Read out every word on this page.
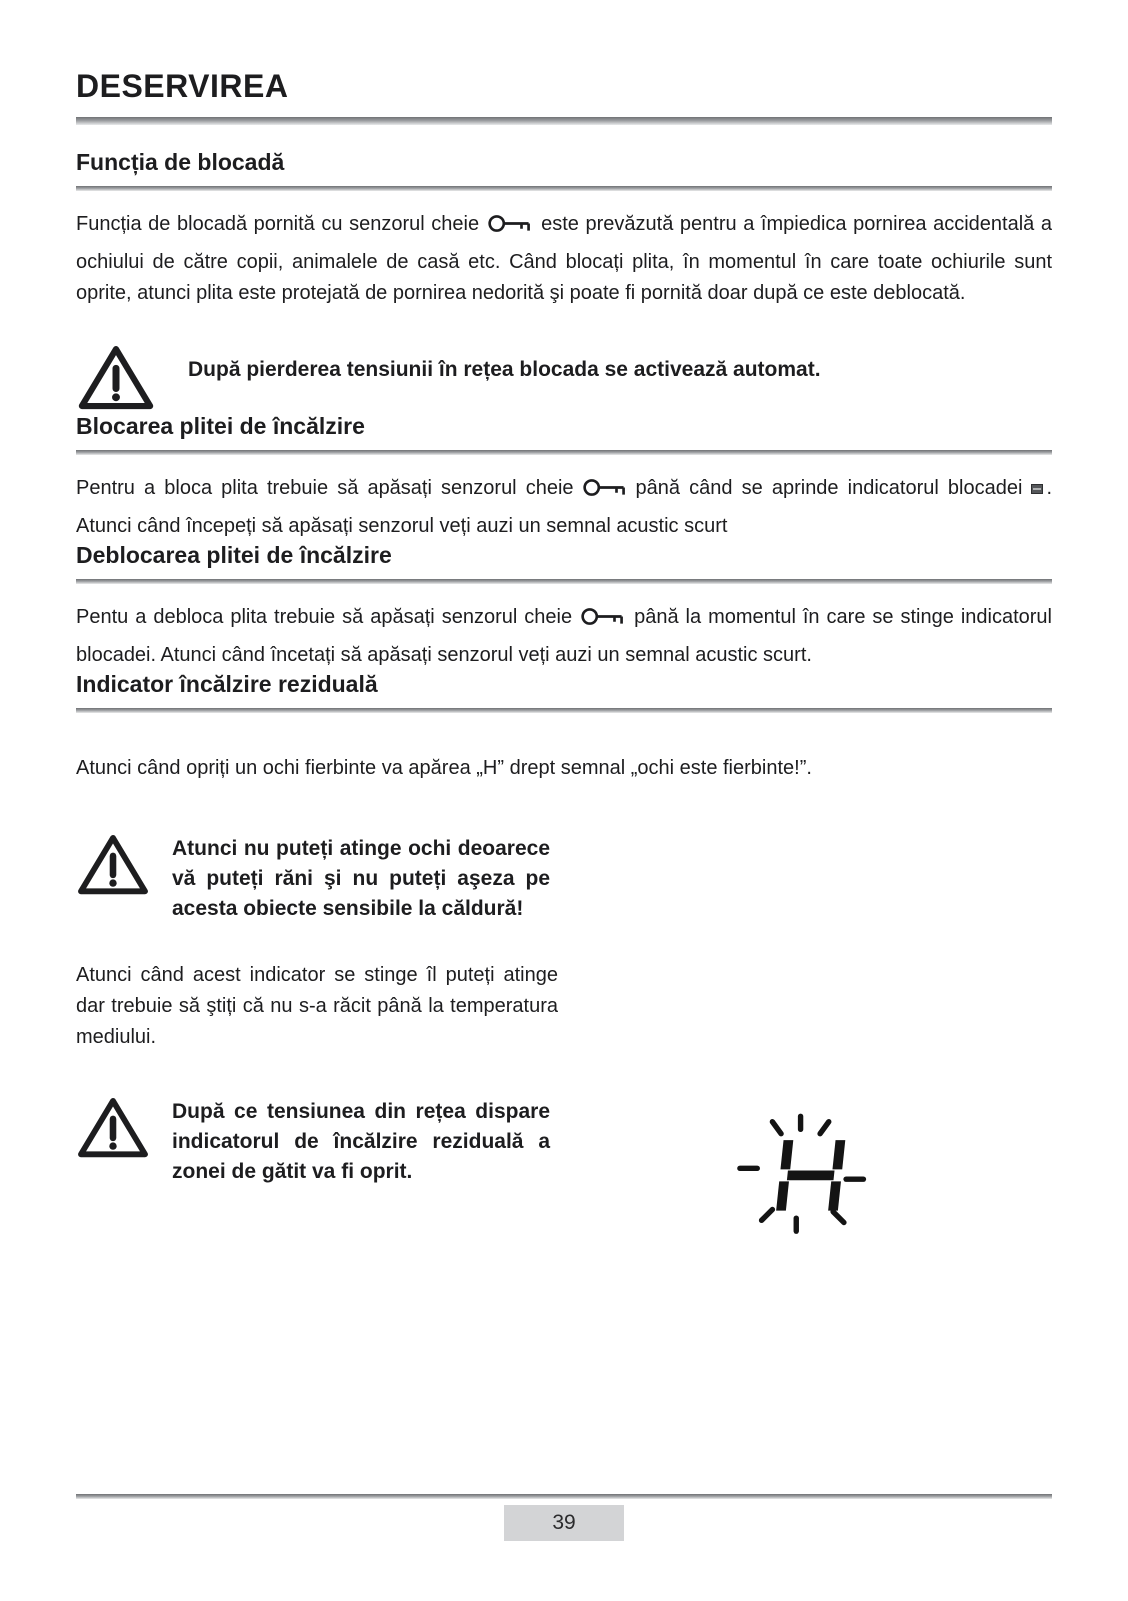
DESERVIREA
Funcția de blocadă

Funcția de blocadă pornită cu senzorul cheie	este prevăzută pentru a împiedica pornirea accidentală a ochiului de către copii, animalele de casă etc. Când blocați plita, în momentul în care toate ochiurile sunt oprite, atunci plita este protejată de pornirea nedorită şi poate fi pornită doar după ce este deblocată.

După pierderea tensiunii în rețea blocada se activează automat.
Blocarea plitei de încălzire

Pentru a bloca plita trebuie să apăsați senzorul cheie	până când se aprinde indicatorul blocadei . Atunci când începeți să apăsați senzorul veți auzi un semnal acustic scurt

Deblocarea plitei de încălzire

Pentu a debloca plita trebuie să apăsați senzorul cheie	până la momentul în care se stinge indicatorul blocadei. Atunci când încetați să apăsați senzorul veți auzi un semnal acustic scurt.

Indicator încălzire reziduală

Atunci când opriți un ochi fierbinte va apărea „H” drept semnal „ochi este fierbinte!”.

Atunci nu puteți atinge ochi deoarece vă puteți răni şi nu puteți aşeza pe acesta obiecte sensibile la căldură!

Atunci când acest indicator se stinge îl puteți atinge dar trebuie să ştiți că nu s-a răcit până la temperatura mediului.

După ce tensiunea din rețea dispare indicatorul de încălzire reziduală a zonei de gătit va fi oprit.
39
